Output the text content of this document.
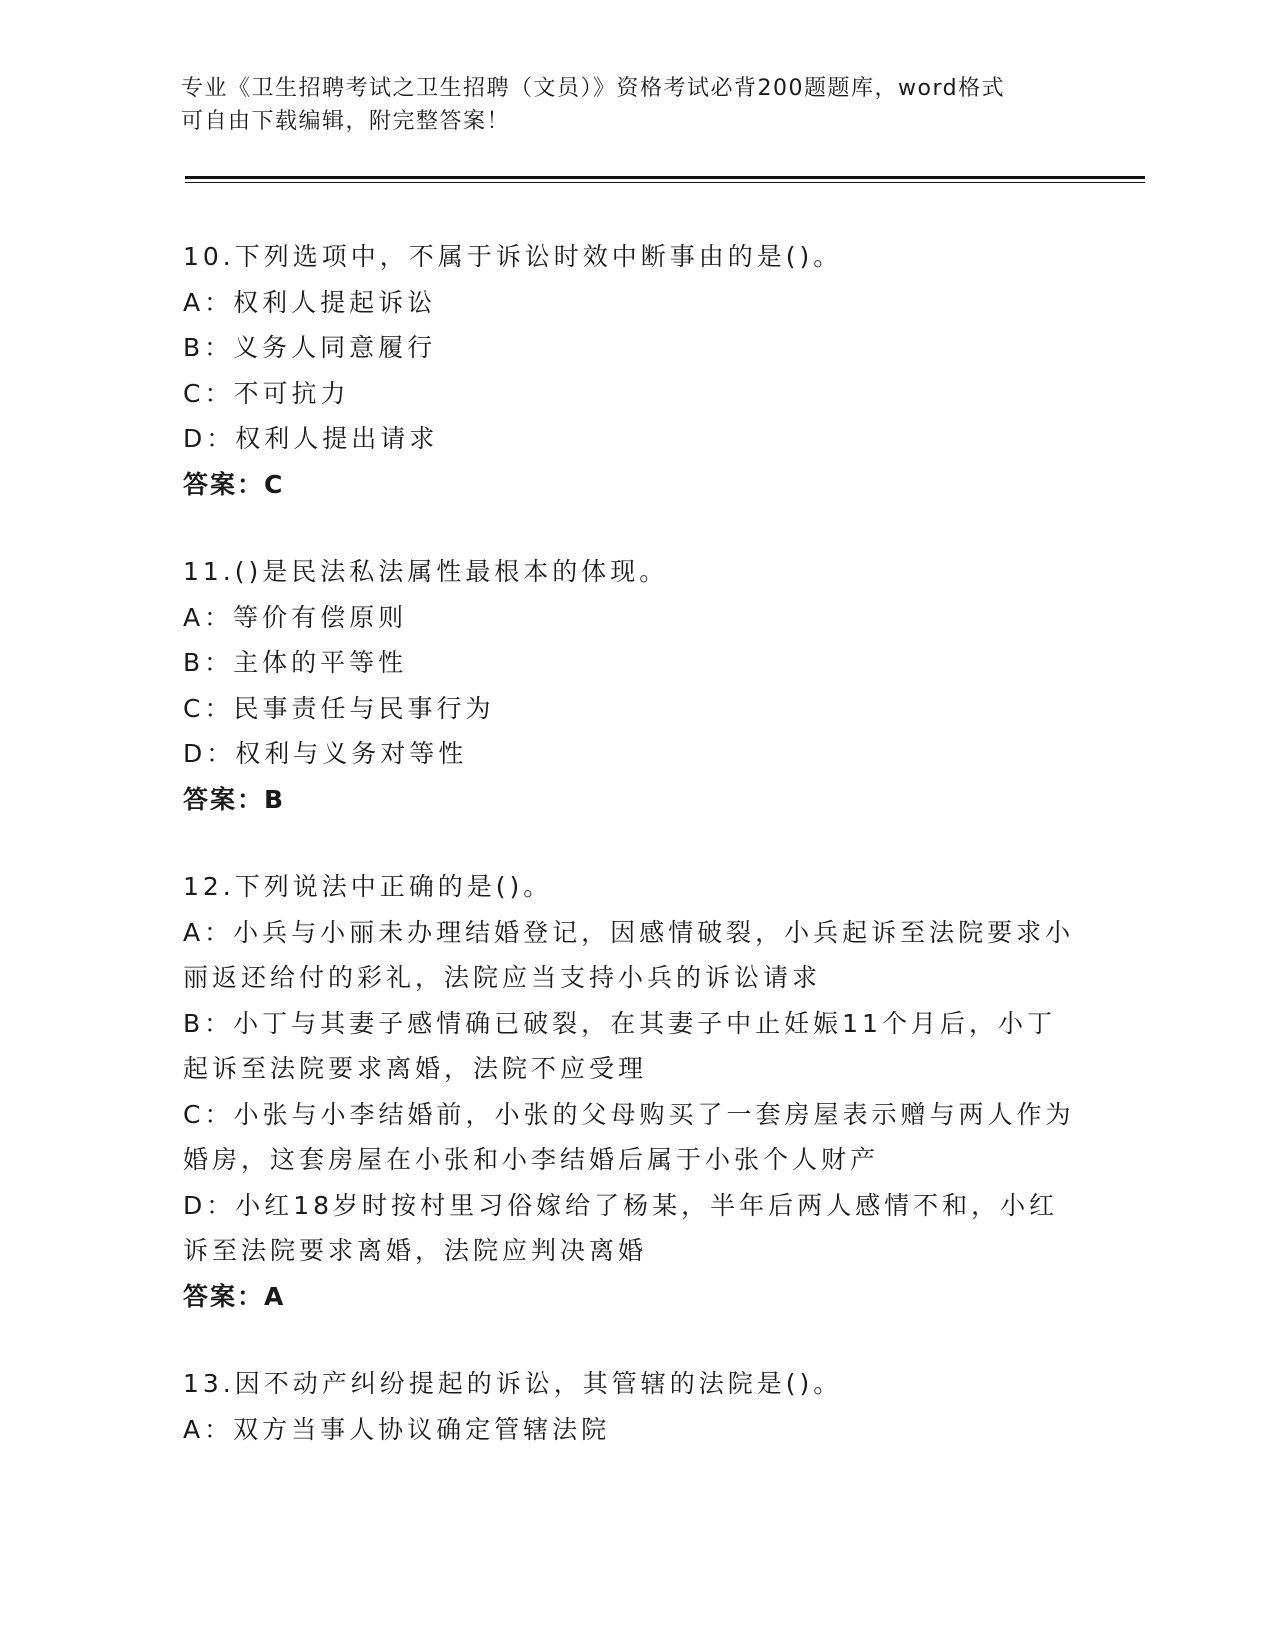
专业《卫生招聘考试之卫生招聘（文员）》资格考试必背200题题库，word格式
可自由下载编辑，附完整答案！
10.下列选项中，不属于诉讼时效中断事由的是()。
A：权利人提起诉讼
B：义务人同意履行
C：不可抗力
D：权利人提出请求
答案：C
11.()是民法私法属性最根本的体现。
A：等价有偿原则
B：主体的平等性
C：民事责任与民事行为
D：权利与义务对等性
答案：B
12.下列说法中正确的是()。
A：小兵与小丽未办理结婚登记，因感情破裂，小兵起诉至法院要求小丽返还给付的彩礼，法院应当支持小兵的诉讼请求
B：小丁与其妻子感情确已破裂，在其妻子中止妊娠11个月后，小丁起诉至法院要求离婚，法院不应受理
C：小张与小李结婚前，小张的父母购买了一套房屋表示赠与两人作为婚房，这套房屋在小张和小李结婚后属于小张个人财产
D：小红18岁时按村里习俗嫁给了杨某，半年后两人感情不和，小红诉至法院要求离婚，法院应判决离婚
答案：A
13.因不动产纠纷提起的诉讼，其管辖的法院是()。
A：双方当事人协议确定管辖法院
